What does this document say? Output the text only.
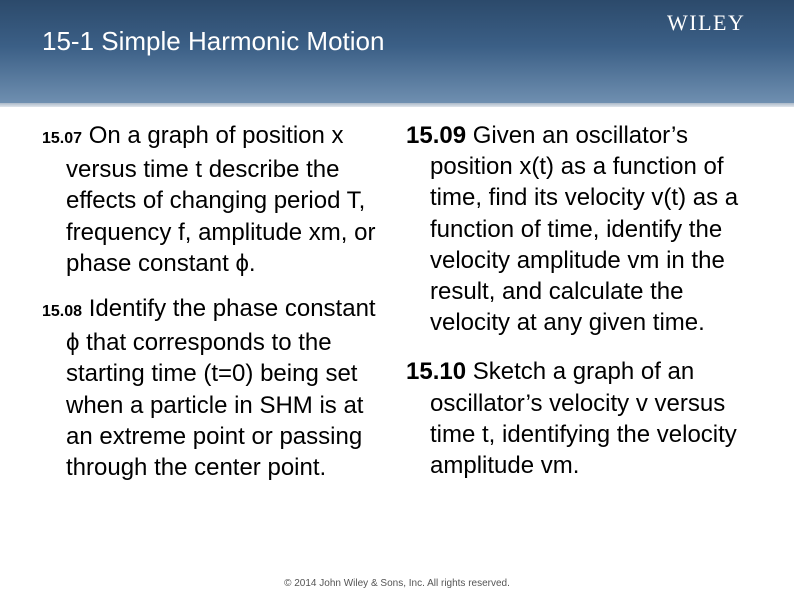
15-1 Simple Harmonic Motion
WILEY

15.07 On a graph of position x versus time t describe the effects of changing period T, frequency f, amplitude xm, or phase constant ϕ.

15.08 Identify the phase constant ϕ that corresponds to the starting time (t=0) being set when a particle in SHM is at an extreme point or passing through the center point.

15.09 Given an oscillator’s position x(t) as a function of time, find its velocity v(t) as a function of time, identify the velocity amplitude vm in the result, and calculate the velocity at any given time.

15.10 Sketch a graph of an oscillator’s velocity v versus time t, identifying the velocity amplitude vm.

© 2014 John Wiley & Sons, Inc. All rights reserved.
